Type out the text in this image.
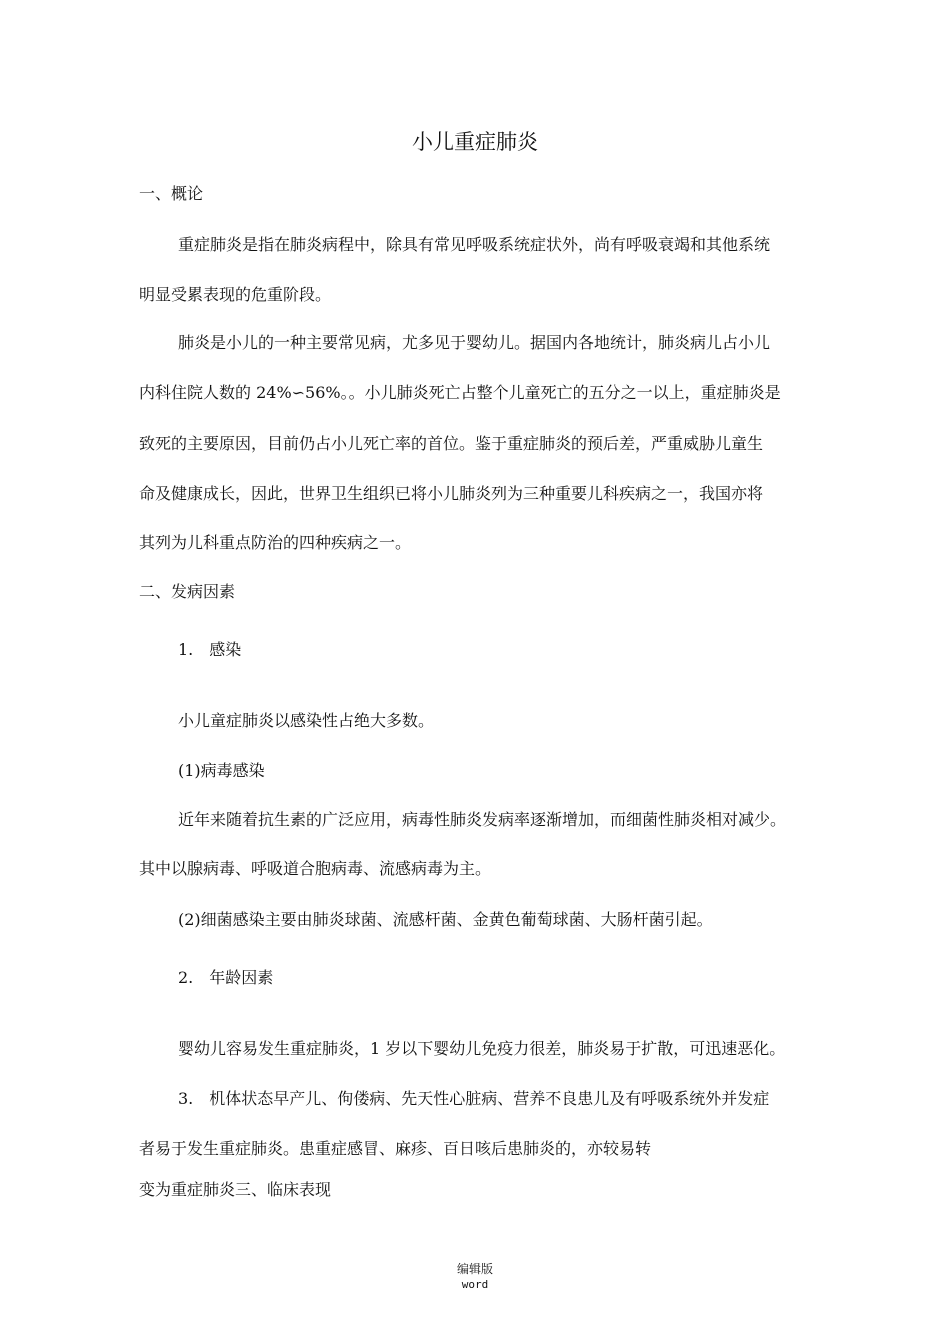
小儿重症肺炎
一、概论
重症肺炎是指在肺炎病程中，除具有常见呼吸系统症状外，尚有呼吸衰竭和其他系统
明显受累表现的危重阶段。
肺炎是小儿的一种主要常见病，尤多见于婴幼儿。据国内各地统计，肺炎病儿占小儿
内科住院人数的 24%∽56%。。小儿肺炎死亡占整个儿童死亡的五分之一以上，重症肺炎是
致死的主要原因，目前仍占小儿死亡率的首位。鉴于重症肺炎的预后差，严重威胁儿童生
命及健康成长，因此，世界卫生组织已将小儿肺炎列为三种重要儿科疾病之一，我国亦将
其列为儿科重点防治的四种疾病之一。
二、发病因素
1.　感染
小儿童症肺炎以感染性占绝大多数。
(1)病毒感染
近年来随着抗生素的广泛应用，病毒性肺炎发病率逐渐增加，而细菌性肺炎相对减少。
其中以腺病毒、呼吸道合胞病毒、流感病毒为主。
(2)细菌感染主要由肺炎球菌、流感杆菌、金黄色葡萄球菌、大肠杆菌引起。
2.　年龄因素
婴幼儿容易发生重症肺炎，1 岁以下婴幼儿免疫力很差，肺炎易于扩散，可迅速恶化。
3.　机体状态早产儿、佝偻病、先天性心脏病、营养不良患儿及有呼吸系统外并发症
者易于发生重症肺炎。患重症感冒、麻疹、百日咳后患肺炎的，亦较易转
变为重症肺炎三、临床表现
编辑版
word
